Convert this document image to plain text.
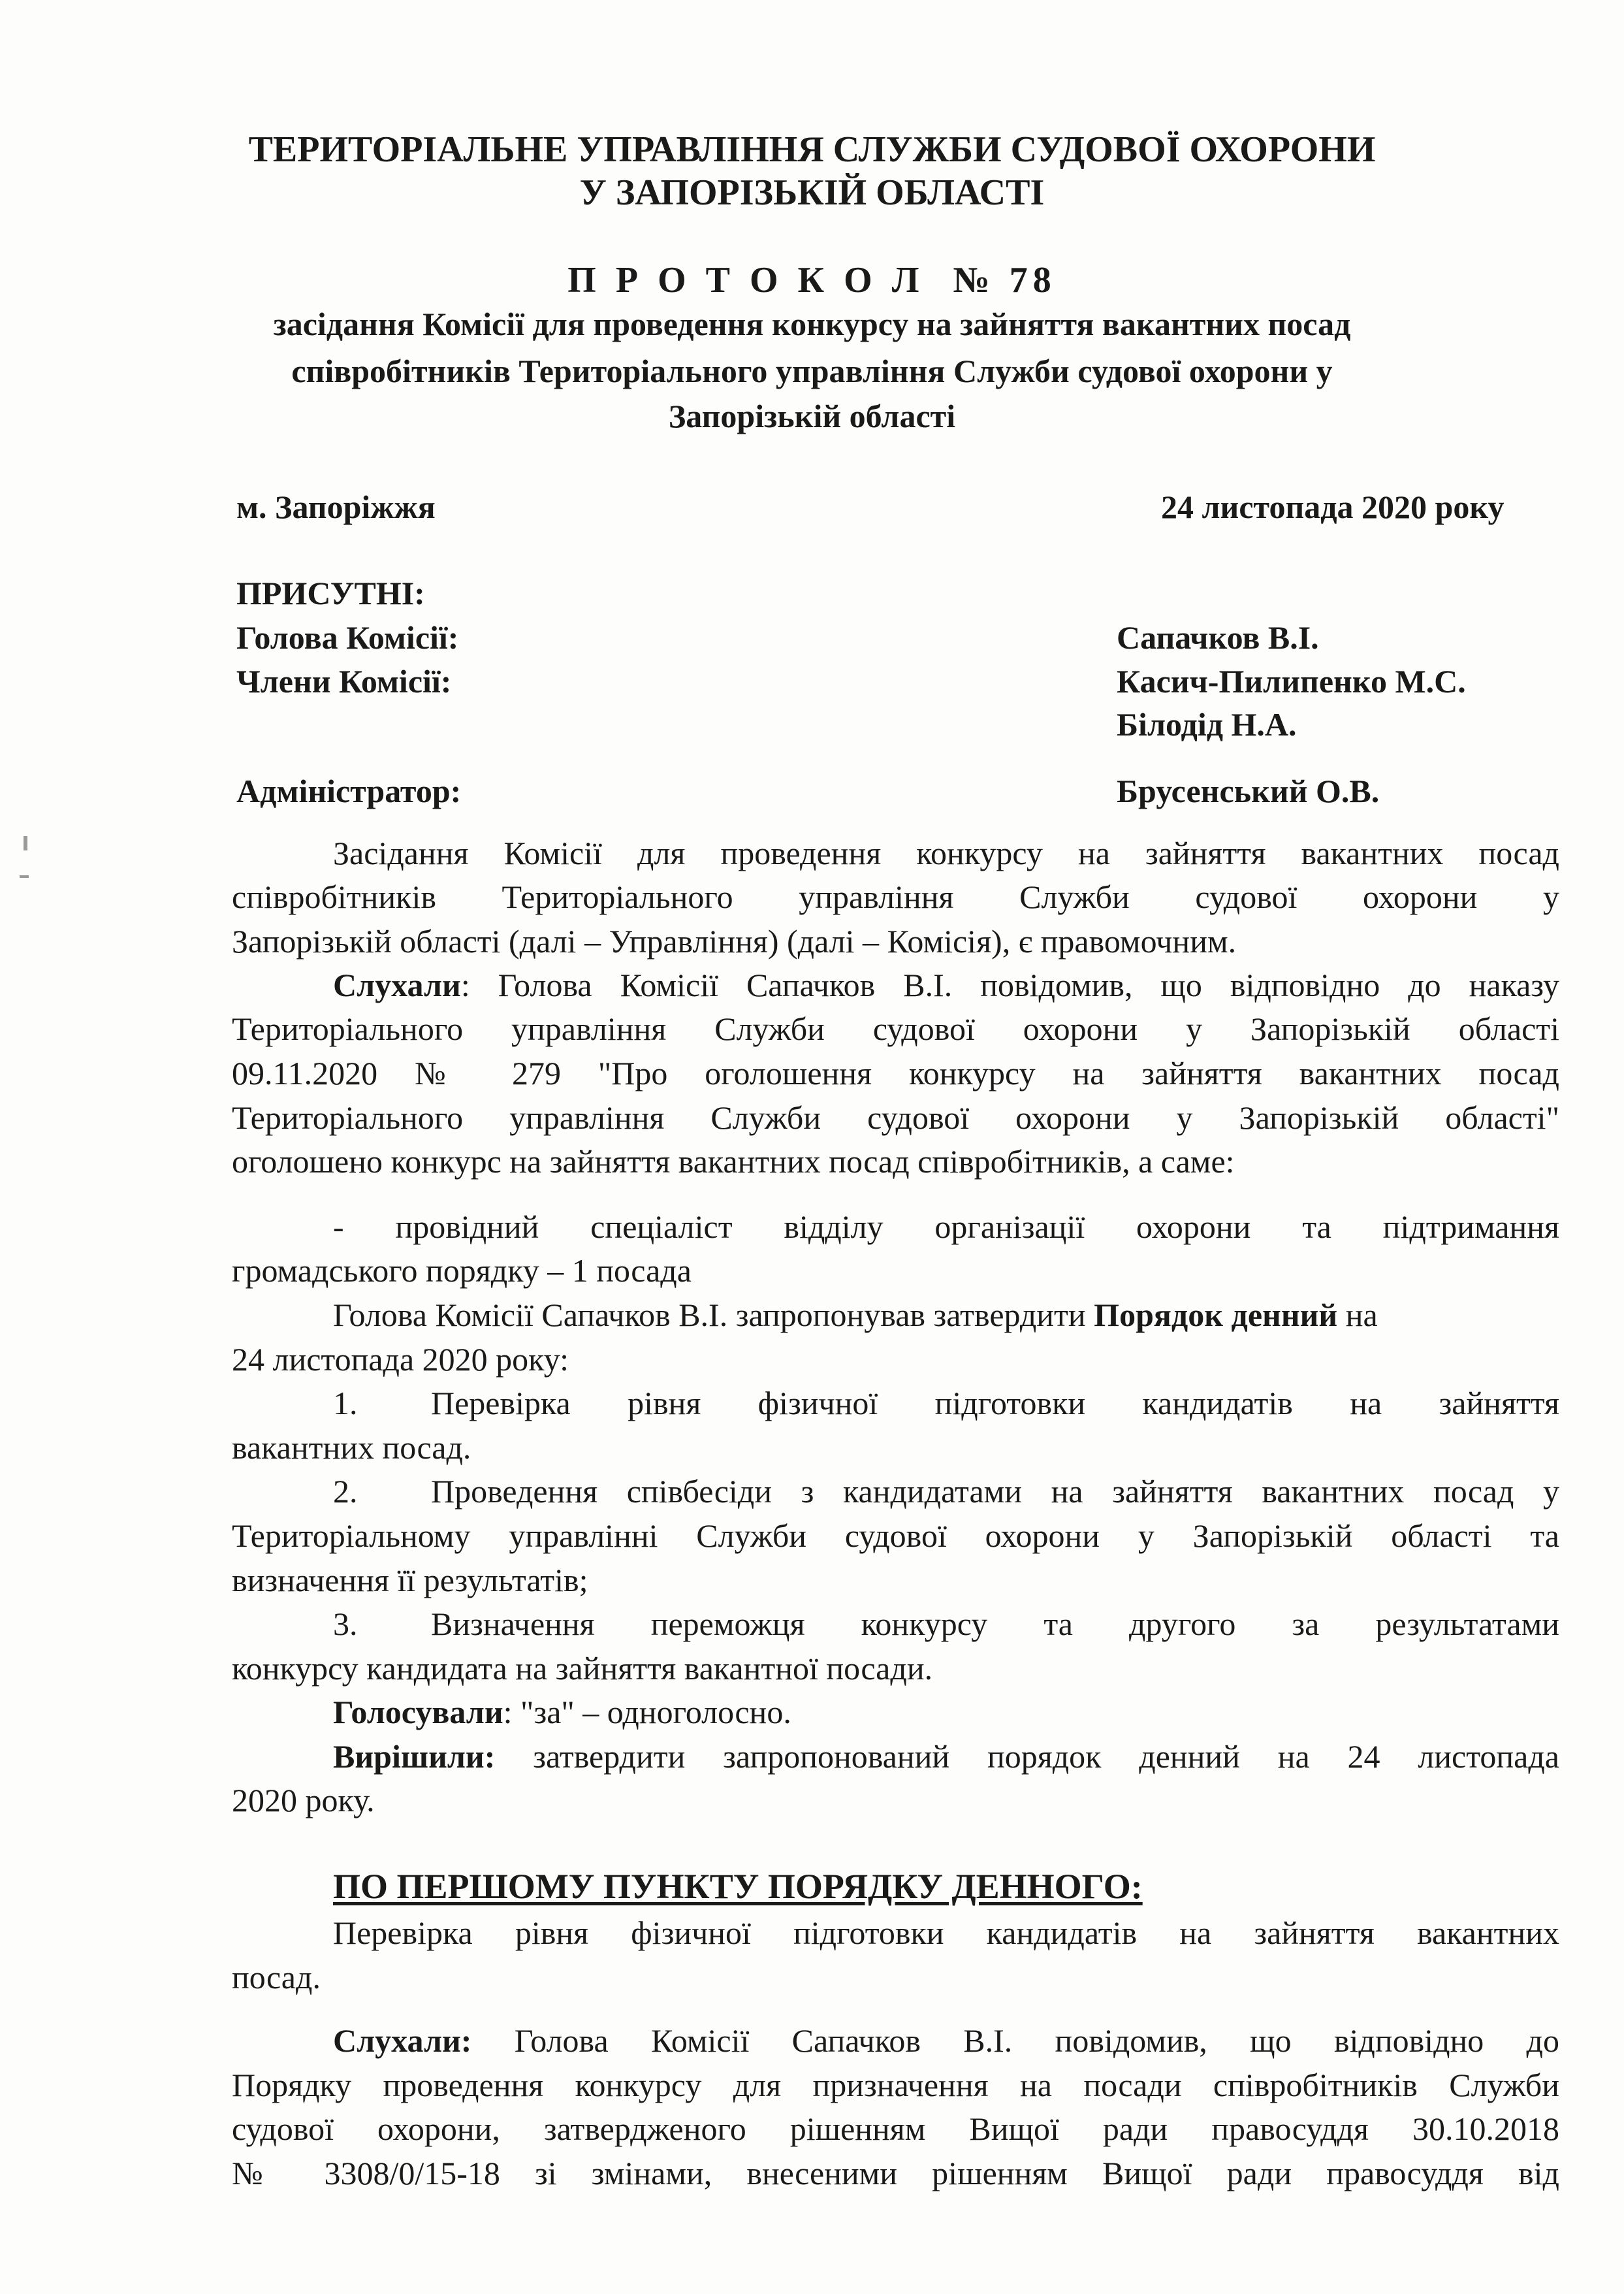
ТЕРИТОРІАЛЬНЕ УПРАВЛІННЯ СЛУЖБИ СУДОВОЇ ОХОРОНИ
У ЗАПОРІЗЬКІЙ ОБЛАСТІ
П Р О Т О К О Л  № 78
засідання Комісії для проведення конкурсу на зайняття вакантних посад
співробітників Територіального управління Служби судової охорони у
Запорізькій області
м. Запоріжжя	24 листопада 2020 року
ПРИСУТНІ:
Голова Комісії:	Сапачков В.І.
Члени Комісії:	Касич-Пилипенко М.С.
Білодід Н.А.
Адміністратор:	Брусенський О.В.
Засідання Комісії для проведення конкурсу на зайняття вакантних посад
співробітників Територіального управління Служби судової охорони у
Запорізькій області (далі – Управління) (далі – Комісія), є правомочним.
Слухали: Голова Комісії Сапачков В.І. повідомив, що відповідно до наказу
Територіального управління Служби судової охорони у Запорізькій області
09.11.2020 № 279 "Про оголошення конкурсу на зайняття вакантних посад
Територіального управління Служби судової охорони у Запорізькій області"
оголошено конкурс на зайняття вакантних посад співробітників, а саме:
- провідний спеціаліст відділу організації охорони та підтримання
громадського порядку – 1 посада
Голова Комісії Сапачков В.І. запропонував затвердити Порядок денний на
24 листопада 2020 року:
1. Перевірка рівня фізичної підготовки кандидатів на зайняття
вакантних посад.
2. Проведення співбесіди з кандидатами на зайняття вакантних посад у
Територіальному управлінні Служби судової охорони у Запорізькій області та
визначення її результатів;
3. Визначення переможця конкурсу та другого за результатами
конкурсу кандидата на зайняття вакантної посади.
Голосували: "за" – одноголосно.
Вирішили: затвердити запропонований порядок денний на 24 листопада
2020 року.
ПО ПЕРШОМУ ПУНКТУ ПОРЯДКУ ДЕННОГО:
Перевірка рівня фізичної підготовки кандидатів на зайняття вакантних
посад.
Слухали: Голова Комісії Сапачков В.І. повідомив, що відповідно до
Порядку проведення конкурсу для призначення на посади співробітників Служби
судової охорони, затвердженого рішенням Вищої ради правосуддя 30.10.2018
№ 3308/0/15-18 зі змінами, внесеними рішенням Вищої ради правосуддя від
